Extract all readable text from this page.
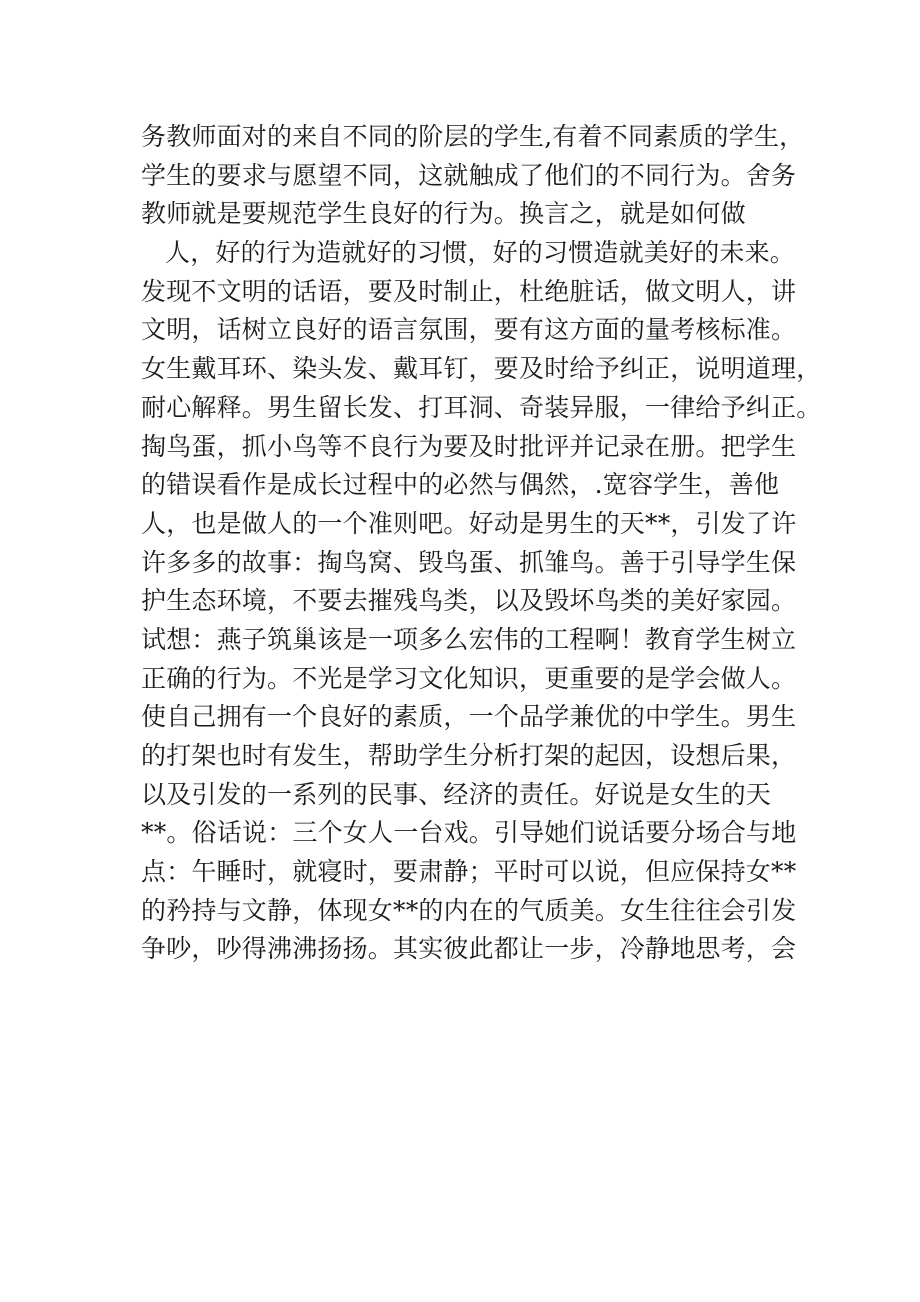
务教师面对的来自不同的阶层的学生,有着不同素质的学生，
学生的要求与愿望不同，这就触成了他们的不同行为。舍务
教师就是要规范学生良好的行为。换言之，就是如何做
人，好的行为造就好的习惯，好的习惯造就美好的未来。
发现不文明的话语，要及时制止，杜绝脏话，做文明人，讲
文明，话树立良好的语言氛围，要有这方面的量考核标准。
女生戴耳环、染头发、戴耳钉，要及时给予纠正，说明道理，
耐心解释。男生留长发、打耳洞、奇装异服，一律给予纠正。
掏鸟蛋，抓小鸟等不良行为要及时批评并记录在册。把学生
的错误看作是成长过程中的必然与偶然，.宽容学生，善他
人，也是做人的一个准则吧。好动是男生的天**，引发了许
许多多的故事：掏鸟窝、毁鸟蛋、抓雏鸟。善于引导学生保
护生态环境，不要去摧残鸟类，以及毁坏鸟类的美好家园。
试想：燕子筑巢该是一项多么宏伟的工程啊！教育学生树立
正确的行为。不光是学习文化知识，更重要的是学会做人。
使自己拥有一个良好的素质，一个品学兼优的中学生。男生
的打架也时有发生，帮助学生分析打架的起因，设想后果，
以及引发的一系列的民事、经济的责任。好说是女生的天
**。俗话说：三个女人一台戏。引导她们说话要分场合与地
点：午睡时，就寝时，要肃静；平时可以说，但应保持女**
的矜持与文静，体现女**的内在的气质美。女生往往会引发
争吵，吵得沸沸扬扬。其实彼此都让一步，冷静地思考，会
